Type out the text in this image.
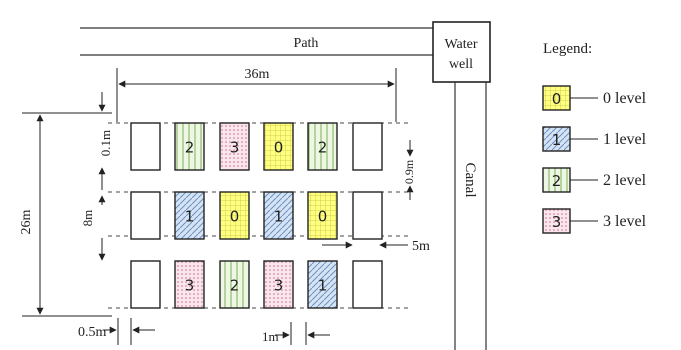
Path	Water
well
Canal
36m
26m
0.1m
8m
0.9m
5m
0.5m	1m
2 3 0 2
1 0 1 0
3 2 3 1
Legend:
0	0 level
1	1 level
2	2 level
3	3 level
